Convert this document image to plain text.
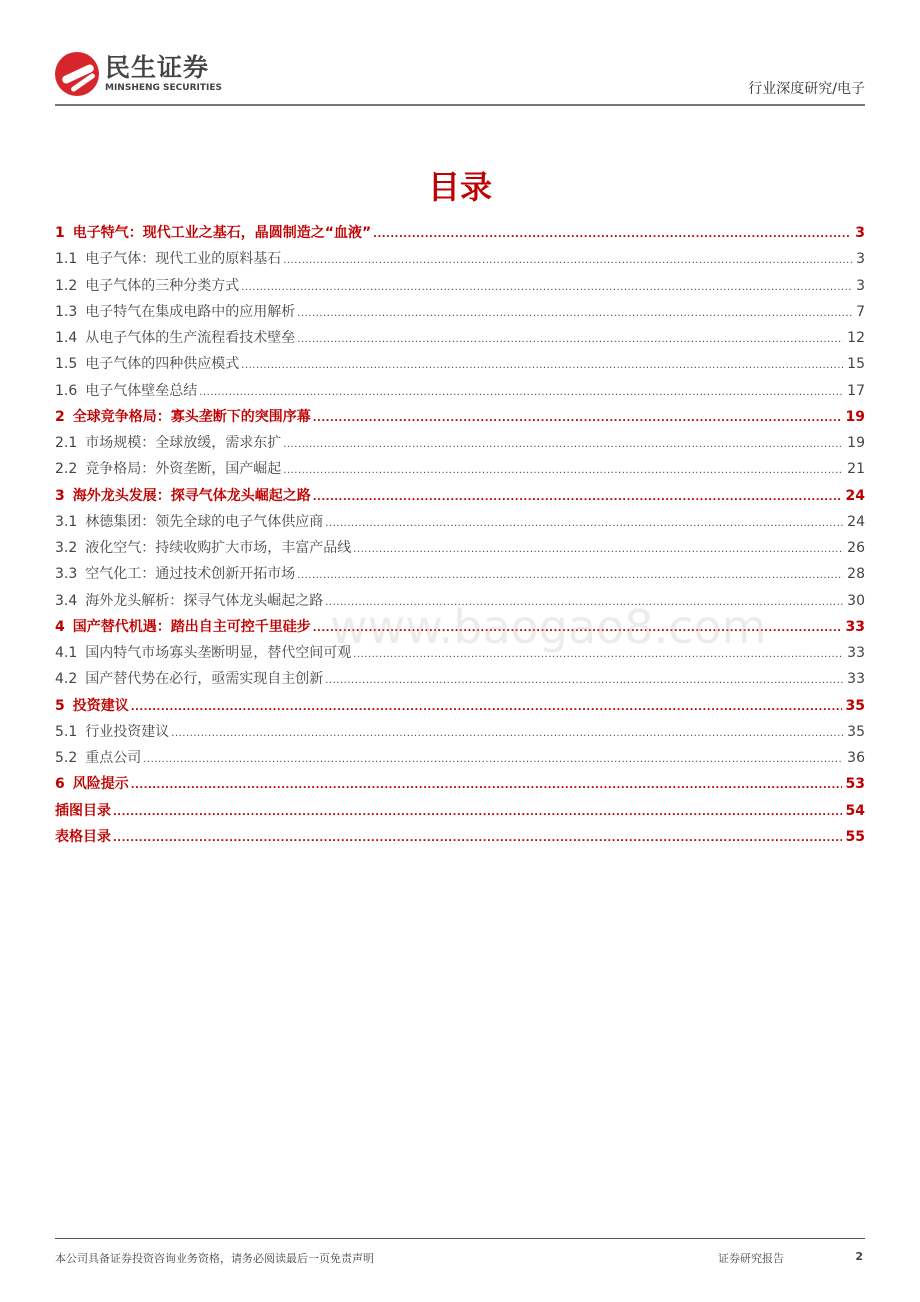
民生证券
MINSHENG SECURITIES	行业深度研究/电子
目录
1 电子特气：现代工业之基石，晶圆制造之“血液” .....	3
1.1 电子气体：现代工业的原料基石 .....	3
1.2 电子气体的三种分类方式 .....	3
1.3 电子特气在集成电路中的应用解析 .....	7
1.4 从电子气体的生产流程看技术壁垒 .....	12
1.5 电子气体的四种供应模式 .....	15
1.6 电子气体壁垒总结 .....	17
2 全球竞争格局：寡头垄断下的突围序幕 .....	19
2.1 市场规模：全球放缓，需求东扩 .....	19
2.2 竞争格局：外资垄断，国产崛起 .....	21
3 海外龙头发展：探寻气体龙头崛起之路 .....	24
3.1 林德集团：领先全球的电子气体供应商 .....	24
3.2 液化空气：持续收购扩大市场，丰富产品线 .....	26
3.3 空气化工：通过技术创新开拓市场 .....	28
3.4 海外龙头解析：探寻气体龙头崛起之路 .....	30
4 国产替代机遇：踏出自主可控千里硅步 .....	33
4.1 国内特气市场寡头垄断明显，替代空间可观 .....	33
4.2 国产替代势在必行，亟需实现自主创新 .....	33
5 投资建议 .....	35
5.1 行业投资建议 .....	35
5.2 重点公司 .....	36
6 风险提示 .....	53
插图目录 .....	54
表格目录 .....	55
www.baogao8.com
本公司具备证券投资咨询业务资格，请务必阅读最后一页免责声明	证券研究报告	2
